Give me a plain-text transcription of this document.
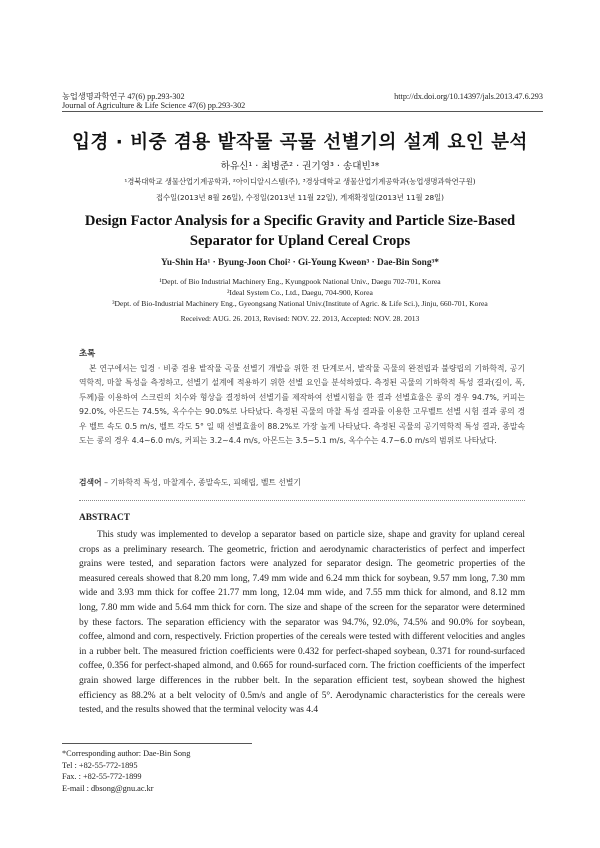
농업생명과학연구 47(6) pp.293-302	http://dx.doi.org/10.14397/jals.2013.47.6.293
Journal of Agriculture & Life Science 47(6) pp.293-302
입경 · 비중 겸용 밭작물 곡물 선별기의 설계 요인 분석
하유신¹ · 최병준² · 권기영³ · 송대빈³*
¹경북대학교 생물산업기계공학과, ²아이디알시스템(주), ³경상대학교 생물산업기계공학과(농업생명과학연구원)
접수일(2013년 8월 26일), 수정일(2013년 11월 22일), 게재확정일(2013년 11월 28일)
Design Factor Analysis for a Specific Gravity and Particle Size-Based
Separator for Upland Cereal Crops
Yu-Shin Ha¹ · Byung-Joon Choi² · Gi-Young Kweon³ · Dae-Bin Song³*
¹Dept. of Bio Industrial Machinery Eng., Kyungpook National Univ., Daegu 702-701, Korea
²Ideal System Co., Ltd., Daegu, 704-900, Korea
³Dept. of Bio-Industrial Machinery Eng., Gyeongsang National Univ.(Institute of Agric. & Life Sci.), Jinju, 660-701, Korea
Received: AUG. 26. 2013, Revised: NOV. 22. 2013, Accepted: NOV. 28. 2013
초록
본 연구에서는 입경 · 비중 겸용 밭작물 곡물 선별기 개발을 위한 전 단계로서, 밭작물 곡물의 완전립과 불량립의 기하학적, 공기역학적, 마찰 특성을 측정하고, 선별기 설계에 적용하기 위한 선별 요인을 분석하였다. 측정된 곡물의 기하학적 특성 결과(길이, 폭, 두께)를 이용하여 스크린의 치수와 형상을 결정하여 선별기를 제작하여 선별시험을 한 결과 선별효율은 콩의 경우 94.7%, 커피는 92.0%, 아몬드는 74.5%, 옥수수는 90.0%로 나타났다. 측정된 곡물의 마찰 특성 결과를 이용한 고무벨트 선별 시험 결과 콩의 경우 벨트 속도 0.5 m/s, 벨트 각도 5° 일 때 선별효율이 88.2%로 가장 높게 나타났다. 측정된 곡물의 공기역학적 특성 결과, 종말속도는 콩의 경우 4.4~6.0 m/s, 커피는 3.2~4.4 m/s, 아몬드는 3.5~5.1 m/s, 옥수수는 4.7~6.0 m/s의 범위로 나타났다.
검색어 – 기하학적 특성, 마찰계수, 종말속도, 피해립, 벨트 선별기
ABSTRACT
This study was implemented to develop a separator based on particle size, shape and gravity for upland cereal crops as a preliminary research. The geometric, friction and aerodynamic characteristics of perfect and imperfect grains were tested, and separation factors were analyzed for separator design. The geometric properties of the measured cereals showed that 8.20 mm long, 7.49 mm wide and 6.24 mm thick for soybean, 9.57 mm long, 7.30 mm wide and 3.93 mm thick for coffee 21.77 mm long, 12.04 mm wide, and 7.55 mm thick for almond, and 8.12 mm long, 7.80 mm wide and 5.64 mm thick for corn. The size and shape of the screen for the separator were determined by these factors. The separation efficiency with the separator was 94.7%, 92.0%, 74.5% and 90.0% for soybean, coffee, almond and corn, respectively. Friction properties of the cereals were tested with different velocities and angles in a rubber belt. The measured friction coefficients were 0.432 for perfect-shaped soybean, 0.371 for round-surfaced coffee, 0.356 for perfect-shaped almond, and 0.665 for round-surfaced corn. The friction coefficients of the imperfect grain showed large differences in the rubber belt. In the separation efficient test, soybean showed the highest efficiency as 88.2% at a belt velocity of 0.5m/s and angle of 5°. Aerodynamic characteristics for the cereals were tested, and the results showed that the terminal velocity was 4.4
*Corresponding author: Dae-Bin Song
Tel : +82-55-772-1895
Fax. : +82-55-772-1899
E-mail : dbsong@gnu.ac.kr
